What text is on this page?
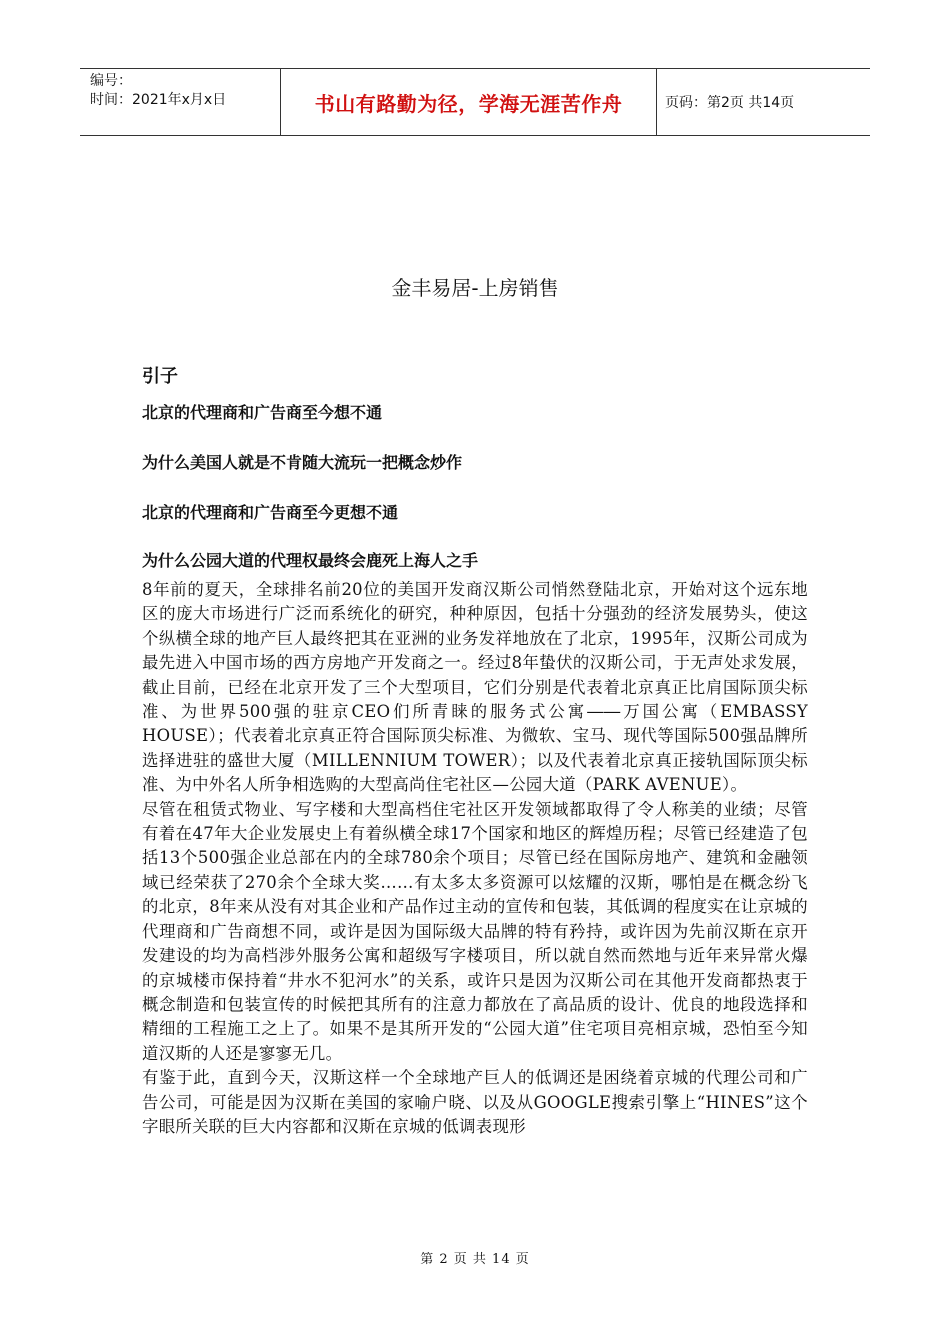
编号：
时间：2021年x月x日	书山有路勤为径，学海无涯苦作舟	页码：第2页 共14页
金丰易居-上房销售
引子
北京的代理商和广告商至今想不通
为什么美国人就是不肯随大流玩一把概念炒作
北京的代理商和广告商至今更想不通
为什么公园大道的代理权最终会鹿死上海人之手

8年前的夏天，全球排名前20位的美国开发商汉斯公司悄然登陆北京，开始对这个远东地区的庞大市场进行广泛而系统化的研究，种种原因，包括十分强劲的经济发展势头，使这个纵横全球的地产巨人最终把其在亚洲的业务发祥地放在了北京，1995年，汉斯公司成为最先进入中国市场的西方房地产开发商之一。经过8年蛰伏的汉斯公司，于无声处求发展，截止目前，已经在北京开发了三个大型项目，它们分别是代表着北京真正比肩国际顶尖标准、为世界500强的驻京CEO们所青睐的服务式公寓――万国公寓（EMBASSY HOUSE）；代表着北京真正符合国际顶尖标准、为微软、宝马、现代等国际500强品牌所选择进驻的盛世大厦（MILLENNIUM TOWER）；以及代表着北京真正接轨国际顶尖标准、为中外名人所争相选购的大型高尚住宅社区—公园大道（PARK AVENUE）。

尽管在租赁式物业、写字楼和大型高档住宅社区开发领域都取得了令人称美的业绩；尽管有着在47年大企业发展史上有着纵横全球17个国家和地区的辉煌历程；尽管已经建造了包括13个500强企业总部在内的全球780余个项目；尽管已经在国际房地产、建筑和金融领域已经荣获了270余个全球大奖……有太多太多资源可以炫耀的汉斯，哪怕是在概念纷飞的北京，8年来从没有对其企业和产品作过主动的宣传和包装，其低调的程度实在让京城的代理商和广告商想不同，或许是因为国际级大品牌的特有矜持，或许因为先前汉斯在京开发建设的均为高档涉外服务公寓和超级写字楼项目，所以就自然而然地与近年来异常火爆的京城楼市保持着“井水不犯河水”的关系，或许只是因为汉斯公司在其他开发商都热衷于概念制造和包装宣传的时候把其所有的注意力都放在了高品质的设计、优良的地段选择和精细的工程施工之上了。如果不是其所开发的“公园大道”住宅项目亮相京城，恐怕至今知道汉斯的人还是寥寥无几。

有鉴于此，直到今天，汉斯这样一个全球地产巨人的低调还是困绕着京城的代理公司和广告公司，可能是因为汉斯在美国的家喻户晓、以及从GOOGLE搜索引擎上“HINES”这个字眼所关联的巨大内容都和汉斯在京城的低调表现形

第 2 页 共 14 页
